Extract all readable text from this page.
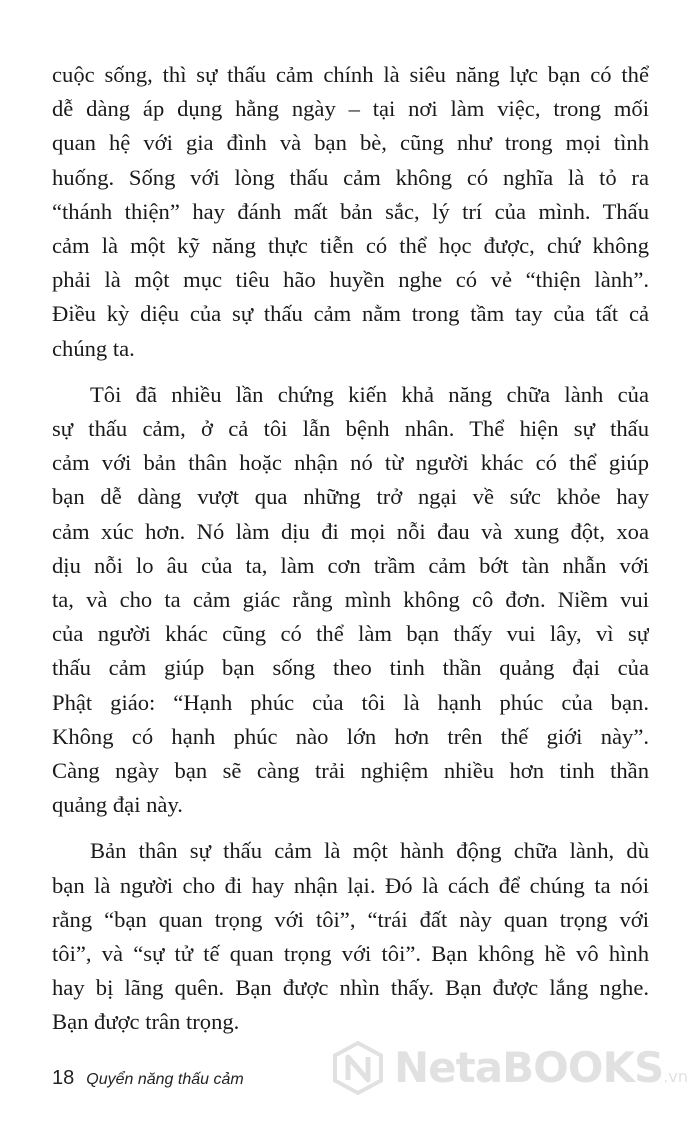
cuộc sống, thì sự thấu cảm chính là siêu năng lực bạn có thể
dễ dàng áp dụng hằng ngày – tại nơi làm việc, trong mối
quan hệ với gia đình và bạn bè, cũng như trong mọi tình
huống. Sống với lòng thấu cảm không có nghĩa là tỏ ra
“thánh thiện” hay đánh mất bản sắc, lý trí của mình. Thấu
cảm là một kỹ năng thực tiễn có thể học được, chứ không
phải là một mục tiêu hão huyền nghe có vẻ “thiện lành”.
Điều kỳ diệu của sự thấu cảm nằm trong tầm tay của tất cả
chúng ta.

Tôi đã nhiều lần chứng kiến khả năng chữa lành của
sự thấu cảm, ở cả tôi lẫn bệnh nhân. Thể hiện sự thấu
cảm với bản thân hoặc nhận nó từ người khác có thể giúp
bạn dễ dàng vượt qua những trở ngại về sức khỏe hay
cảm xúc hơn. Nó làm dịu đi mọi nỗi đau và xung đột, xoa
dịu nỗi lo âu của ta, làm cơn trầm cảm bớt tàn nhẫn với
ta, và cho ta cảm giác rằng mình không cô đơn. Niềm vui
của người khác cũng có thể làm bạn thấy vui lây, vì sự
thấu cảm giúp bạn sống theo tinh thần quảng đại của
Phật giáo: “Hạnh phúc của tôi là hạnh phúc của bạn.
Không có hạnh phúc nào lớn hơn trên thế giới này”.
Càng ngày bạn sẽ càng trải nghiệm nhiều hơn tinh thần
quảng đại này.

Bản thân sự thấu cảm là một hành động chữa lành, dù
bạn là người cho đi hay nhận lại. Đó là cách để chúng ta nói
rằng “bạn quan trọng với tôi”, “trái đất này quan trọng với
tôi”, và “sự tử tế quan trọng với tôi”. Bạn không hề vô hình
hay bị lãng quên. Bạn được nhìn thấy. Bạn được lắng nghe.
Bạn được trân trọng.

18 Quyển năng thấu cảm	NetaBOOKS.vn
